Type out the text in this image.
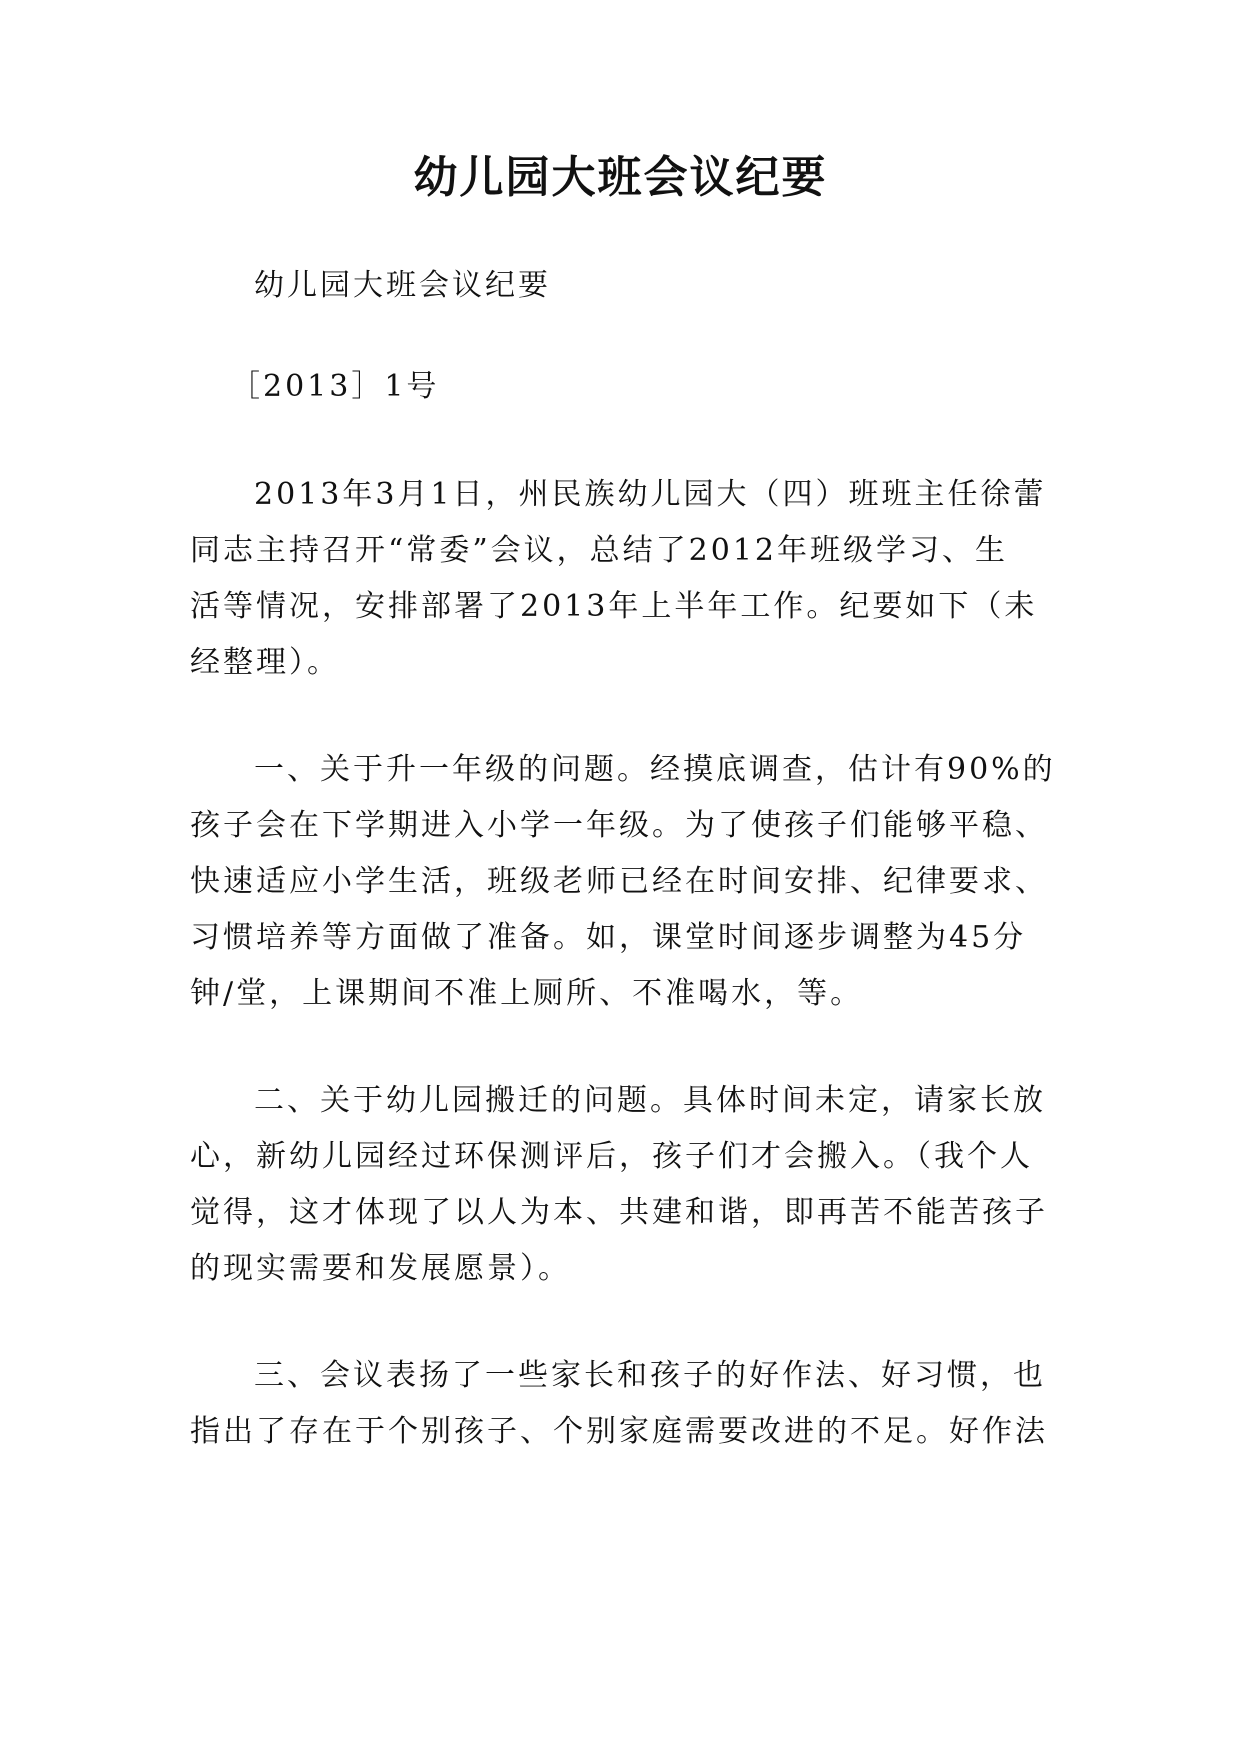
幼儿园大班会议纪要
幼儿园大班会议纪要
［2013］1号
2013年3月1日，州民族幼儿园大（四）班班主任徐蕾
同志主持召开“常委”会议，总结了2012年班级学习、生
活等情况，安排部署了2013年上半年工作。纪要如下（未
经整理）。
一、关于升一年级的问题。经摸底调查，估计有90%的
孩子会在下学期进入小学一年级。为了使孩子们能够平稳、
快速适应小学生活，班级老师已经在时间安排、纪律要求、
习惯培养等方面做了准备。如，课堂时间逐步调整为45分
钟/堂，上课期间不准上厕所、不准喝水，等。
二、关于幼儿园搬迁的问题。具体时间未定，请家长放
心，新幼儿园经过环保测评后，孩子们才会搬入。（我个人
觉得，这才体现了以人为本、共建和谐，即再苦不能苦孩子
的现实需要和发展愿景）。
三、会议表扬了一些家长和孩子的好作法、好习惯，也
指出了存在于个别孩子、个别家庭需要改进的不足。好作法
